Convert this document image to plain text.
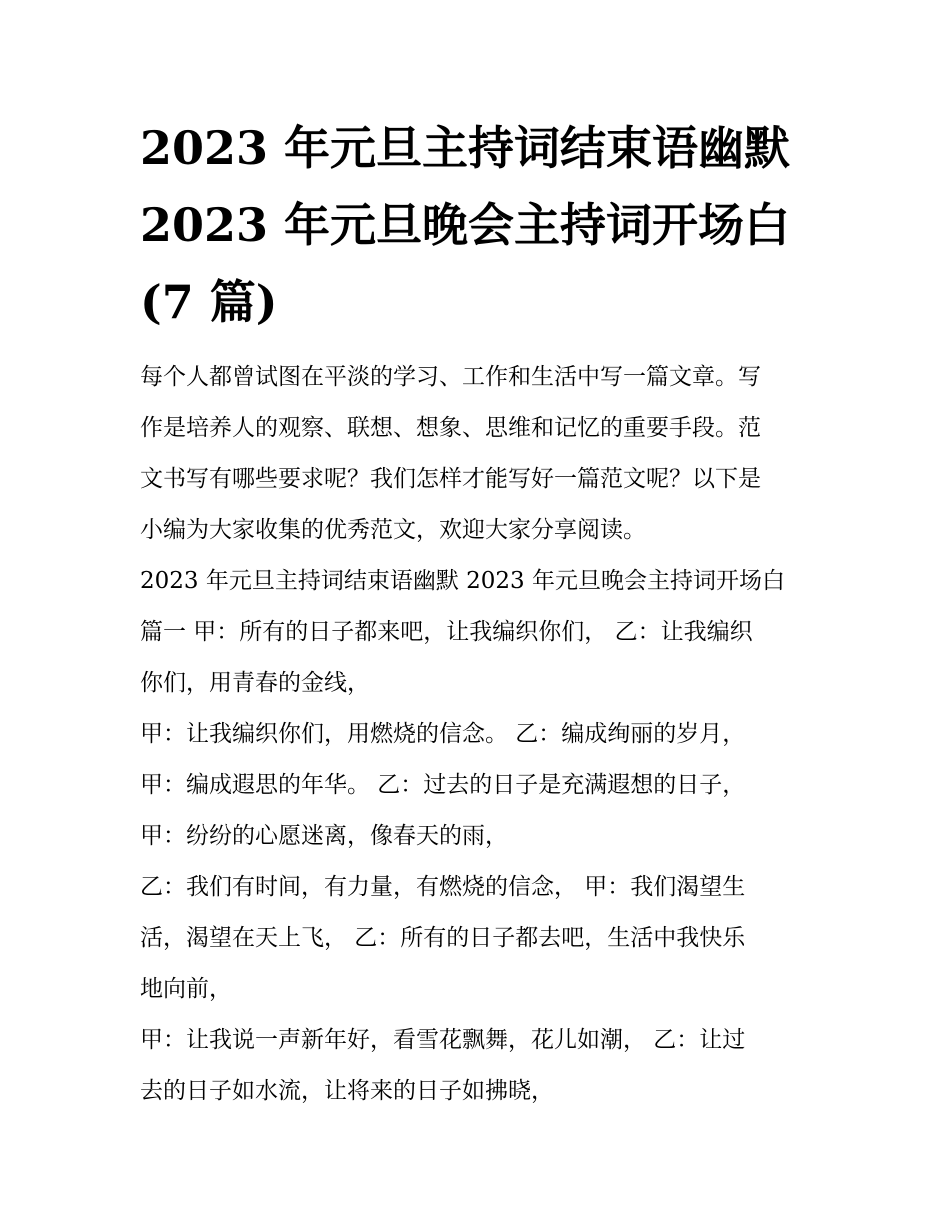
2023 年元旦主持词结束语幽默
2023 年元旦晚会主持词开场白
(7 篇)

每个人都曾试图在平淡的学习、工作和生活中写一篇文章。写
作是培养人的观察、联想、想象、思维和记忆的重要手段。范
文书写有哪些要求呢？我们怎样才能写好一篇范文呢？以下是
小编为大家收集的优秀范文，欢迎大家分享阅读。

2023 年元旦主持词结束语幽默 2023 年元旦晚会主持词开场白
篇一 甲：所有的日子都来吧，让我编织你们， 乙：让我编织
你们，用青春的金线，

甲：让我编织你们，用燃烧的信念。 乙：编成绚丽的岁月，

甲：编成遐思的年华。 乙：过去的日子是充满遐想的日子，

甲：纷纷的心愿迷离，像春天的雨，

乙：我们有时间，有力量，有燃烧的信念， 甲：我们渴望生
活，渴望在天上飞， 乙：所有的日子都去吧，生活中我快乐
地向前，

甲：让我说一声新年好，看雪花飘舞，花儿如潮， 乙：让过
去的日子如水流，让将来的日子如拂晓，
